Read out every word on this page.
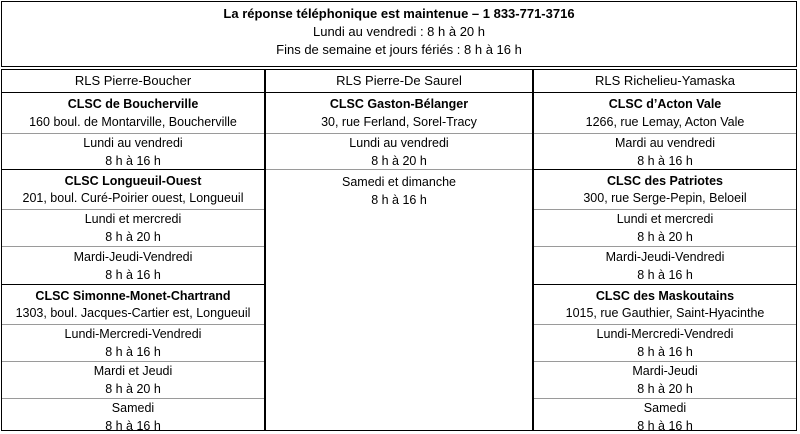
La réponse téléphonique est maintenue – 1 833-771-3716
Lundi au vendredi : 8 h à 20 h
Fins de semaine et jours fériés : 8 h à 16 h
RLS Pierre-Boucher
CLSC de Boucherville
160 boul. de Montarville, Boucherville
Lundi au vendredi
8 h à 16 h
CLSC Longueuil-Ouest
201, boul. Curé-Poirier ouest, Longueuil
Lundi et mercredi
8 h à 20 h
Mardi-Jeudi-Vendredi
8 h à 16 h
CLSC Simonne-Monet-Chartrand
1303, boul. Jacques-Cartier est, Longueuil
Lundi-Mercredi-Vendredi
8 h à 16 h
Mardi et Jeudi
8 h à 20 h
Samedi
8 h à 16 h
RLS Pierre-De Saurel
CLSC Gaston-Bélanger
30, rue Ferland, Sorel-Tracy
Lundi au vendredi
8 h à 20 h
Samedi et dimanche
8 h à 16 h
RLS Richelieu-Yamaska
CLSC d’Acton Vale
1266, rue Lemay, Acton Vale
Mardi au vendredi
8 h à 16 h
CLSC des Patriotes
300, rue Serge-Pepin, Beloeil
Lundi et mercredi
8 h à 20 h
Mardi-Jeudi-Vendredi
8 h à 16 h
CLSC des Maskoutains
1015, rue Gauthier, Saint-Hyacinthe
Lundi-Mercredi-Vendredi
8 h à 16 h
Mardi-Jeudi
8 h à 20 h
Samedi
8 h à 16 h
